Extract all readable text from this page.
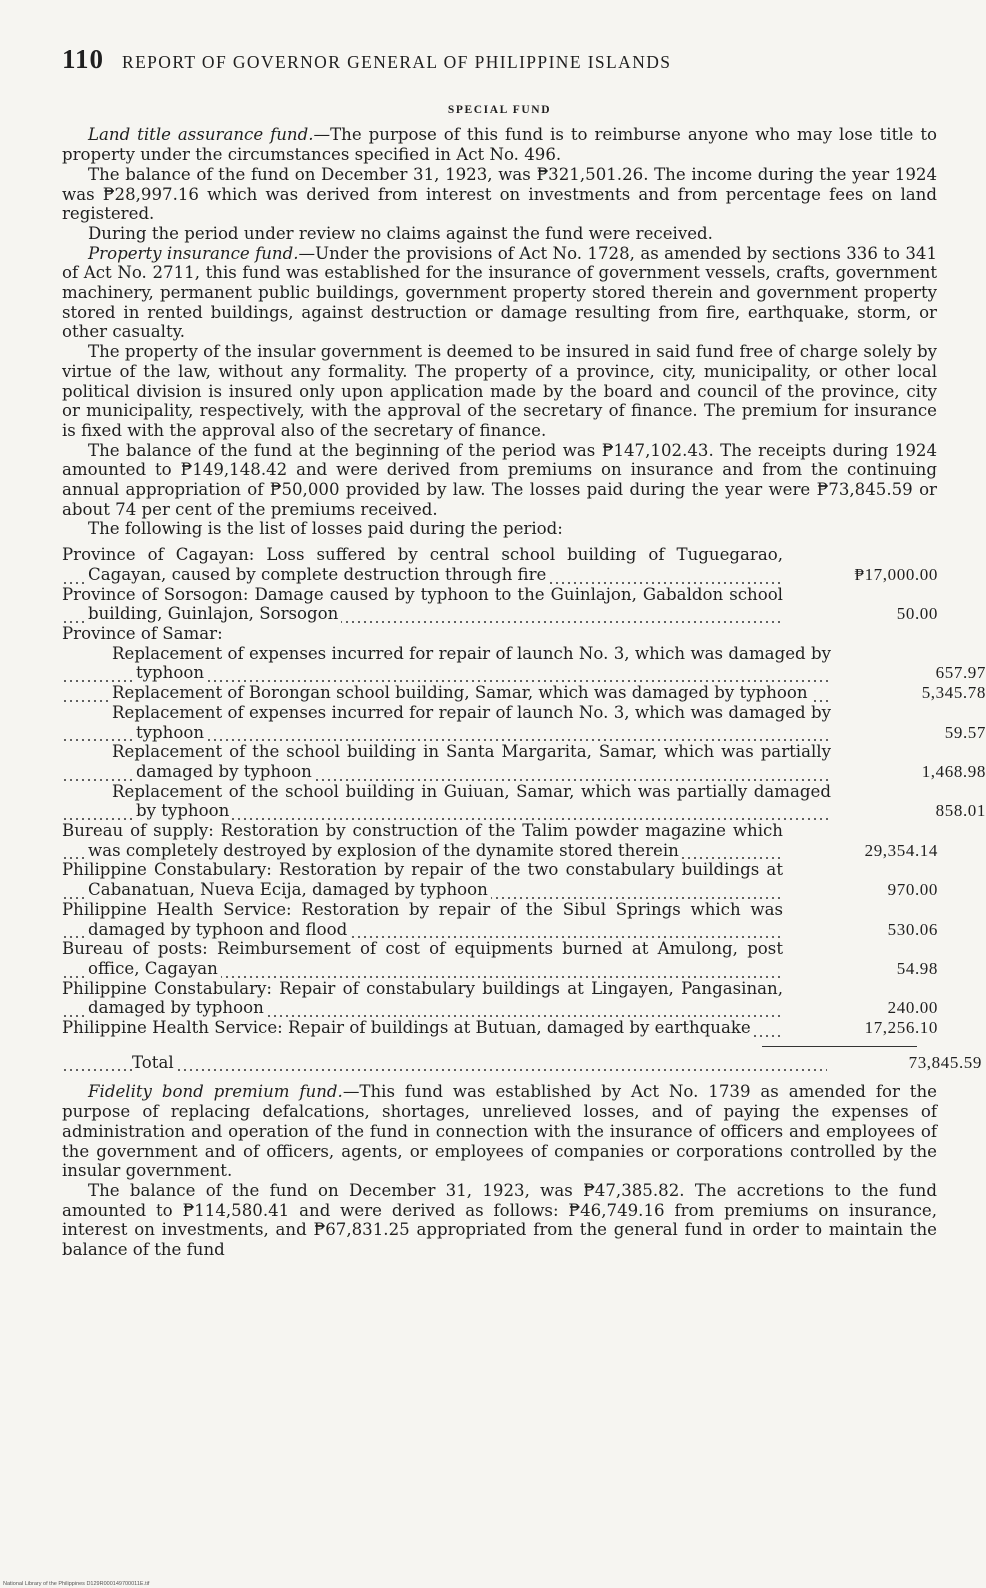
110 REPORT OF GOVERNOR GENERAL OF PHILIPPINE ISLANDS
SPECIAL FUND

Land title assurance fund.—The purpose of this fund is to reimburse anyone who may lose title to property under the circumstances specified in Act No. 496.

The balance of the fund on December 31, 1923, was ₱321,501.26. The income during the year 1924 was ₱28,997.16 which was derived from interest on investments and from percentage fees on land registered.

During the period under review no claims against the fund were received.

Property insurance fund.—Under the provisions of Act No. 1728, as amended by sections 336 to 341 of Act No. 2711, this fund was established for the insurance of government vessels, crafts, government machinery, permanent public buildings, government property stored therein and government property stored in rented buildings, against destruction or damage resulting from fire, earthquake, storm, or other casualty.

The property of the insular government is deemed to be insured in said fund free of charge solely by virtue of the law, without any formality. The property of a province, city, municipality, or other local political division is insured only upon application made by the board and council of the province, city or municipality, respectively, with the approval of the secretary of finance. The premium for insurance is fixed with the approval also of the secretary of finance.

The balance of the fund at the beginning of the period was ₱147,102.43. The receipts during 1924 amounted to ₱149,148.42 and were derived from premiums on insurance and from the continuing annual appropriation of ₱50,000 provided by law. The losses paid during the year were ₱73,845.59 or about 74 per cent of the premiums received.

The following is the list of losses paid during the period:

Province of Cagayan: Loss suffered by central school building of Tuguegarao, Cagayan, caused by complete destruction through fire	₱17,000.00
Province of Sorsogon: Damage caused by typhoon to the Guinlajon, Gabaldon school building, Guinlajon, Sorsogon	50.00
Province of Samar:
Replacement of expenses incurred for repair of launch No. 3, which was damaged by typhoon	657.97
Replacement of Borongan school building, Samar, which was damaged by typhoon	5,345.78
Replacement of expenses incurred for repair of launch No. 3, which was damaged by typhoon	59.57
Replacement of the school building in Santa Margarita, Samar, which was partially damaged by typhoon	1,468.98
Replacement of the school building in Guiuan, Samar, which was partially damaged by typhoon	858.01
Bureau of supply: Restoration by construction of the Talim powder magazine which was completely destroyed by explosion of the dynamite stored therein	29,354.14
Philippine Constabulary: Restoration by repair of the two constabulary buildings at Cabanatuan, Nueva Ecija, damaged by typhoon	970.00
Philippine Health Service: Restoration by repair of the Sibul Springs which was damaged by typhoon and flood	530.06
Bureau of posts: Reimbursement of cost of equipments burned at Amulong, post office, Cagayan	54.98
Philippine Constabulary: Repair of constabulary buildings at Lingayen, Pangasinan, damaged by typhoon	240.00
Philippine Health Service: Repair of buildings at Butuan, damaged by earthquake	17,256.10
Total	73,845.59

Fidelity bond premium fund.—This fund was established by Act No. 1739 as amended for the purpose of replacing defalcations, shortages, unrelieved losses, and of paying the expenses of administration and operation of the fund in connection with the insurance of officers and employees of the government and of officers, agents, or employees of companies or corporations controlled by the insular government.

The balance of the fund on December 31, 1923, was ₱47,385.82. The accretions to the fund amounted to ₱114,580.41 and were derived as follows: ₱46,749.16 from premiums on insurance, interest on investments, and ₱67,831.25 appropriated from the general fund in order to maintain the balance of the fund

National Library of the Philippines D129R000149700011E.tif
